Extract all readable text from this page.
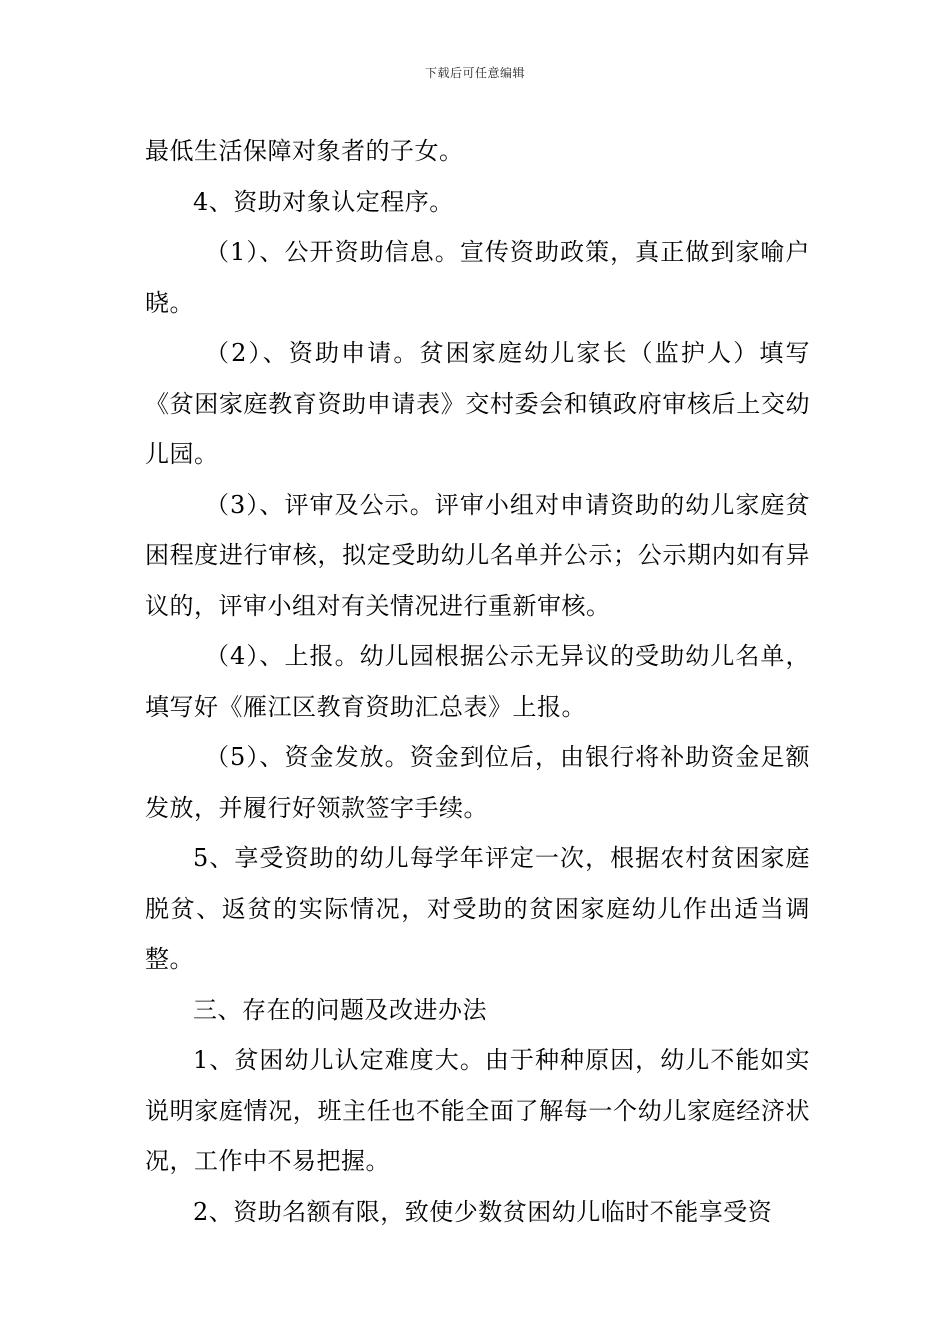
下载后可任意编辑

最低生活保障对象者的子女。

4、资助对象认定程序。

（1）、公开资助信息。宣传资助政策，真正做到家喻户晓。

（2）、资助申请。贫困家庭幼儿家长（监护人）填写《贫困家庭教育资助申请表》交村委会和镇政府审核后上交幼儿园。

（3）、评审及公示。评审小组对申请资助的幼儿家庭贫困程度进行审核，拟定受助幼儿名单并公示；公示期内如有异议的，评审小组对有关情况进行重新审核。

（4）、上报。幼儿园根据公示无异议的受助幼儿名单，填写好《雁江区教育资助汇总表》上报。

（5）、资金发放。资金到位后，由银行将补助资金足额发放，并履行好领款签字手续。

5、享受资助的幼儿每学年评定一次，根据农村贫困家庭脱贫、返贫的实际情况，对受助的贫困家庭幼儿作出适当调整。

三、存在的问题及改进办法

1、贫困幼儿认定难度大。由于种种原因，幼儿不能如实说明家庭情况，班主任也不能全面了解每一个幼儿家庭经济状况，工作中不易把握。

2、资助名额有限，致使少数贫困幼儿临时不能享受资
